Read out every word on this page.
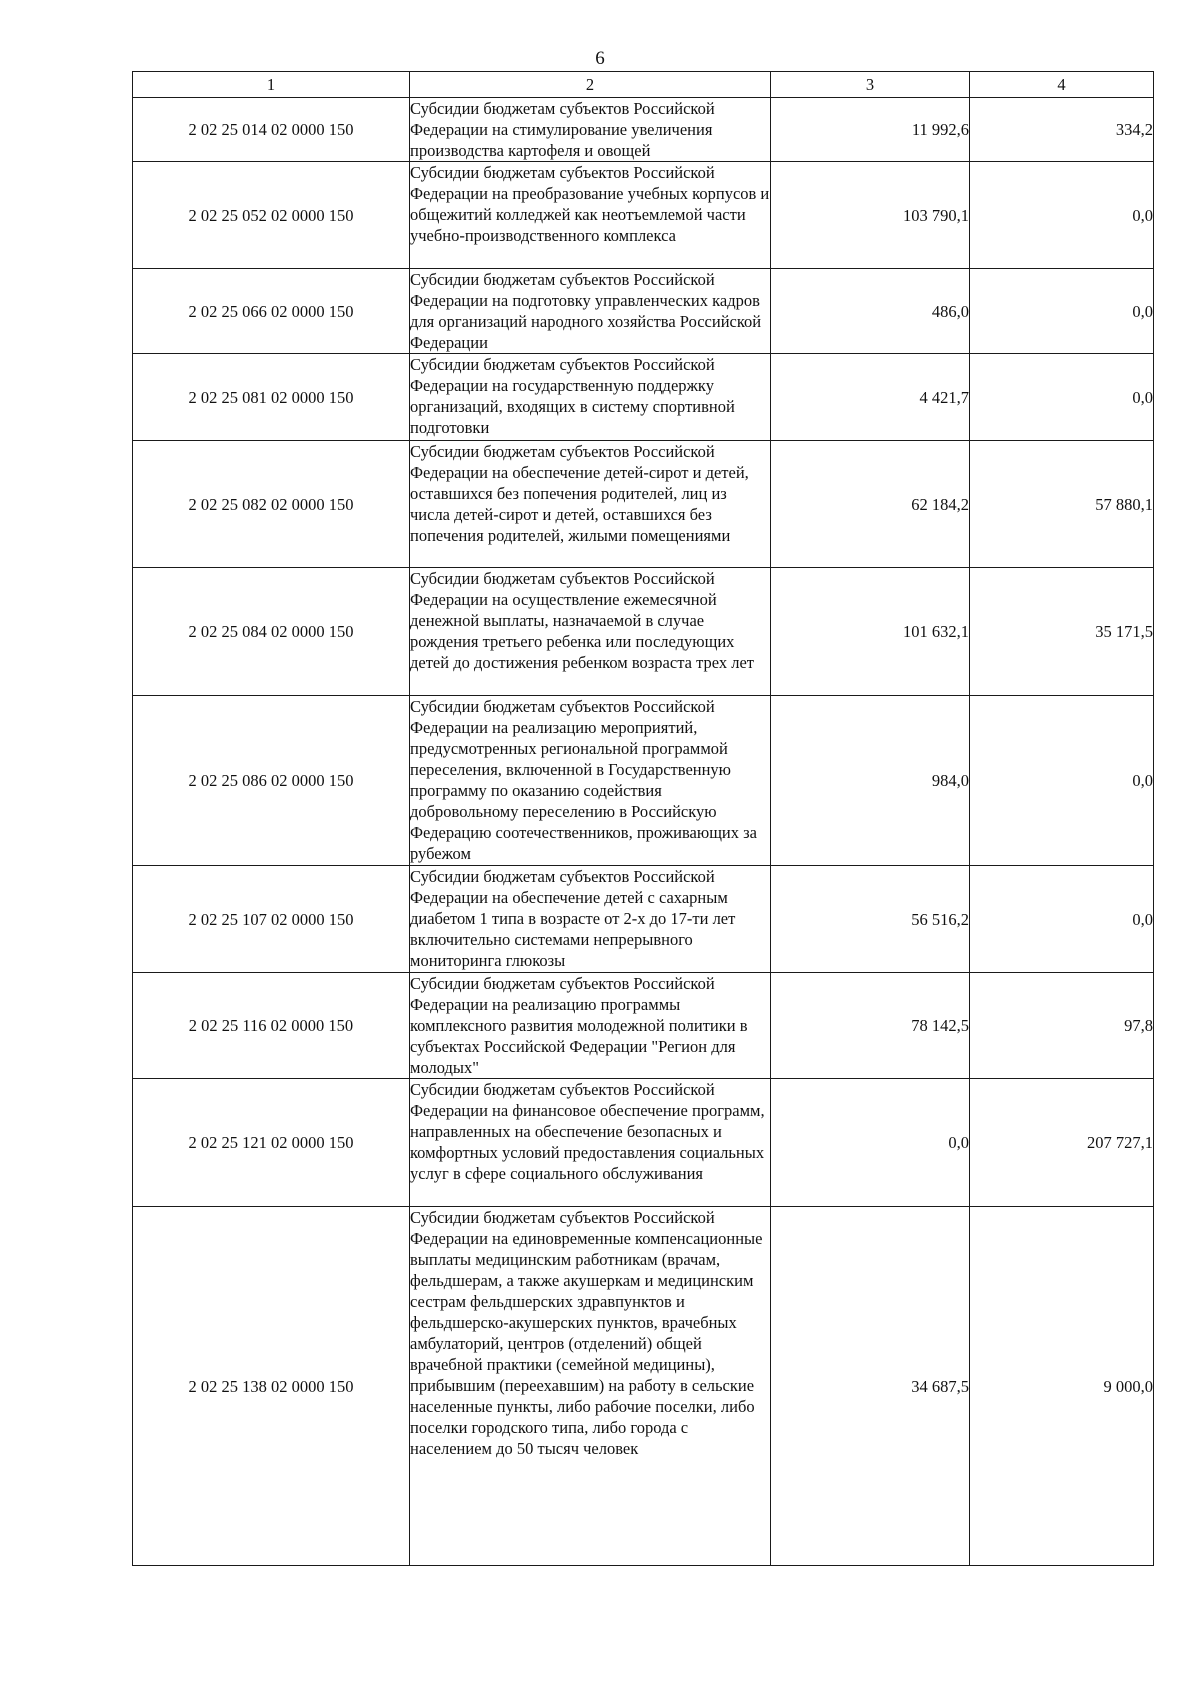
6
1	2	3	4
2 02 25 014 02 0000 150	Субсидии бюджетам субъектов Российской Федерации на стимулирование увеличения производства картофеля и овощей	11 992,6	334,2
2 02 25 052 02 0000 150	Субсидии бюджетам субъектов Российской Федерации на преобразование учебных корпусов и общежитий колледжей как неотъемлемой части учебно-производственного комплекса	103 790,1	0,0
2 02 25 066 02 0000 150	Субсидии бюджетам субъектов Российской Федерации на подготовку управленческих кадров для организаций народного хозяйства Российской Федерации	486,0	0,0
2 02 25 081 02 0000 150	Субсидии бюджетам субъектов Российской Федерации на государственную поддержку организаций, входящих в систему спортивной подготовки	4 421,7	0,0
2 02 25 082 02 0000 150	Субсидии бюджетам субъектов Российской Федерации на обеспечение детей-сирот и детей, оставшихся без попечения родителей, лиц из числа детей-сирот и детей, оставшихся без попечения родителей, жилыми помещениями	62 184,2	57 880,1
2 02 25 084 02 0000 150	Субсидии бюджетам субъектов Российской Федерации на осуществление ежемесячной денежной выплаты, назначаемой в случае рождения третьего ребенка или последующих детей до достижения ребенком возраста трех лет	101 632,1	35 171,5
2 02 25 086 02 0000 150	Субсидии бюджетам субъектов Российской Федерации на реализацию мероприятий, предусмотренных региональной программой переселения, включенной в Государственную программу по оказанию содействия добровольному переселению в Российскую Федерацию соотечественников, проживающих за рубежом	984,0	0,0
2 02 25 107 02 0000 150	Субсидии бюджетам субъектов Российской Федерации на обеспечение детей с сахарным диабетом 1 типа в возрасте от 2-х до 17-ти лет включительно системами непрерывного мониторинга глюкозы	56 516,2	0,0
2 02 25 116 02 0000 150	Субсидии бюджетам субъектов Российской Федерации на реализацию программы комплексного развития молодежной политики в субъектах Российской Федерации "Регион для молодых"	78 142,5	97,8
2 02 25 121 02 0000 150	Субсидии бюджетам субъектов Российской Федерации на финансовое обеспечение программ, направленных на обеспечение безопасных и комфортных условий предоставления социальных услуг в сфере социального обслуживания	0,0	207 727,1
2 02 25 138 02 0000 150	Субсидии бюджетам субъектов Российской Федерации на единовременные компенсационные выплаты медицинским работникам (врачам, фельдшерам, а также акушеркам и медицинским сестрам фельдшерских здравпунктов и фельдшерско-акушерских пунктов, врачебных амбулаторий, центров (отделений) общей врачебной практики (семейной медицины), прибывшим (переехавшим) на работу в сельские населенные пункты, либо рабочие поселки, либо поселки городского типа, либо города с населением до 50 тысяч человек	34 687,5	9 000,0
